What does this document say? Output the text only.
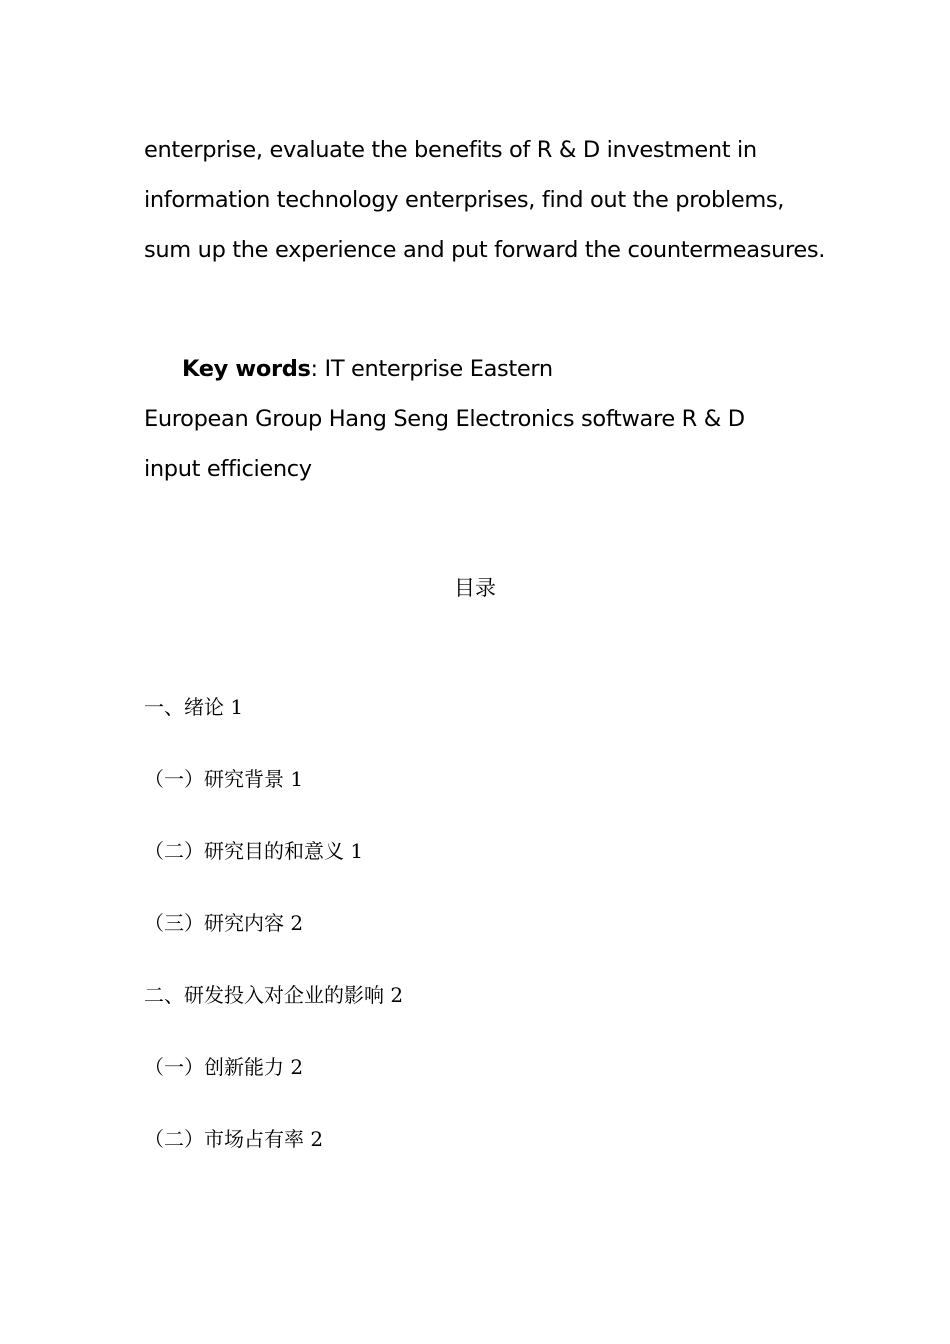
enterprise, evaluate the benefits of R & D investment in
information technology enterprises, find out the problems,
sum up the experience and put forward the countermeasures.
Key words: IT enterprise Eastern
European Group Hang Seng Electronics software R & D
input efficiency
目录
一、绪论 1
（一）研究背景 1
（二）研究目的和意义 1
（三）研究内容 2
二、研发投入对企业的影响 2
（一）创新能力 2
（二）市场占有率 2
